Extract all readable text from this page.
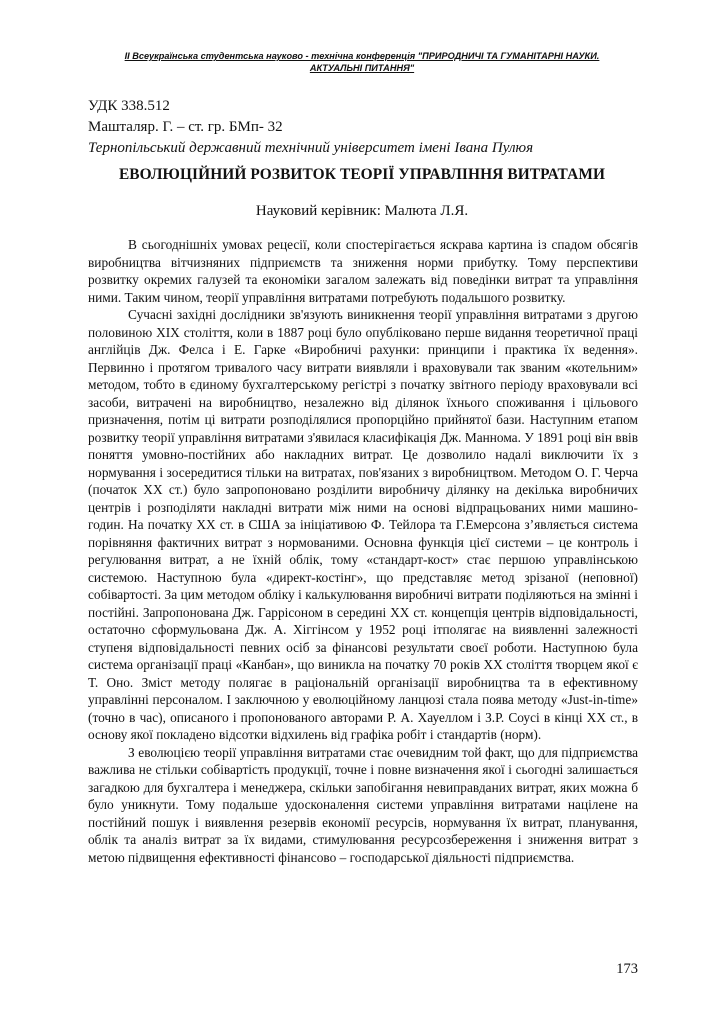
II Всеукраїнська студентська науково - технічна конференція "ПРИРОДНИЧІ ТА ГУМАНІТАРНІ НАУКИ.
АКТУАЛЬНІ ПИТАННЯ"
УДК 338.512
Машталяр. Г. – ст. гр. БМп- 32
Тернопільський державний технічний університет імені Івана Пулюя
ЕВОЛЮЦІЙНИЙ РОЗВИТОК ТЕОРІЇ УПРАВЛІННЯ ВИТРАТАМИ
Науковий керівник: Малюта Л.Я.

В сьогоднішніх умовах рецесії, коли спостерігається яскрава картина із спадом обсягів виробництва вітчизняних підприємств та зниження норми прибутку. Тому перспективи розвитку окремих галузей та економіки загалом залежать від поведінки витрат та управління ними. Таким чином, теорії управління витратами потребують подальшого розвитку.

Сучасні західні дослідники зв'язують виникнення теорії управління витратами з другою половиною XIX століття, коли в 1887 році було опубліковано перше видання теоретичної праці англійців Дж. Фелса і Е. Гарке «Виробничі рахунки: принципи і практика їх ведення». Первинно і протягом тривалого часу витрати виявляли і враховували так званим «котельним» методом, тобто в єдиному бухгалтерському регістрі з початку звітного періоду враховували всі засоби, витрачені на виробництво, незалежно від ділянок їхнього споживання і цільового призначення, потім ці витрати розподілялися пропорційно прийнятої бази. Наступним етапом розвитку теорії управління витратами з'явилася класифікація Дж. Маннома. У 1891 році він ввів поняття умовно-постійних або накладних витрат. Це дозволило надалі виключити їх з нормування і зосередитися тільки на витратах, пов'язаних з виробництвом. Методом О. Г. Черча (початок XX ст.) було запропоновано розділити виробничу ділянку на декілька виробничих центрів і розподіляти накладні витрати між ними на основі відпрацьованих ними машино-годин. На початку XX ст. в США за ініціативою Ф. Тейлора та Г.Емерсона з’являється система порівняння фактичних витрат з нормованими. Основна функція цієї системи – це контроль і регулювання витрат, а не їхній облік, тому «стандарт-кост» стає першою управлінською системою. Наступною була «директ-костінг», що представляє метод зрізаної (неповної) собівартості. За цим методом обліку і калькулювання виробничі витрати поділяються на змінні і постійні. Запропонована Дж. Гаррісоном в середині XX ст. концепція центрів відповідальності, остаточно сформульована Дж. А. Хіггінсом у 1952 році ітполягає на виявленні залежності ступеня відповідальності певних осіб за фінансові результати своєї роботи. Наступною була система організації праці «Канбан», що виникла на початку 70 років XX століття творцем якої є Т. Оно. Зміст методу полягає в раціональній організації виробництва та в ефективному управлінні персоналом. І заключною у еволюційному ланцюзі стала поява методу «Just-in-time» (точно в час), описаного і пропонованого авторами Р. А. Хауеллом і З.Р. Соусі в кінці XX ст., в основу якої покладено відсотки відхилень від графіка робіт і стандартів (норм).

З еволюцією теорії управління витратами стає очевидним той факт, що для підприємства важлива не стільки собівартість продукції, точне і повне визначення якої і сьогодні залишається загадкою для бухгалтера і менеджера, скільки запобігання невиправданих витрат, яких можна б було уникнути. Тому подальше удосконалення системи управління витратами націлене на постійний пошук і виявлення резервів економії ресурсів, нормування їх витрат, планування, облік та аналіз витрат за їх видами, стимулювання ресурсозбереження і зниження витрат з метою підвищення ефективності фінансово – господарської діяльності підприємства.

173
